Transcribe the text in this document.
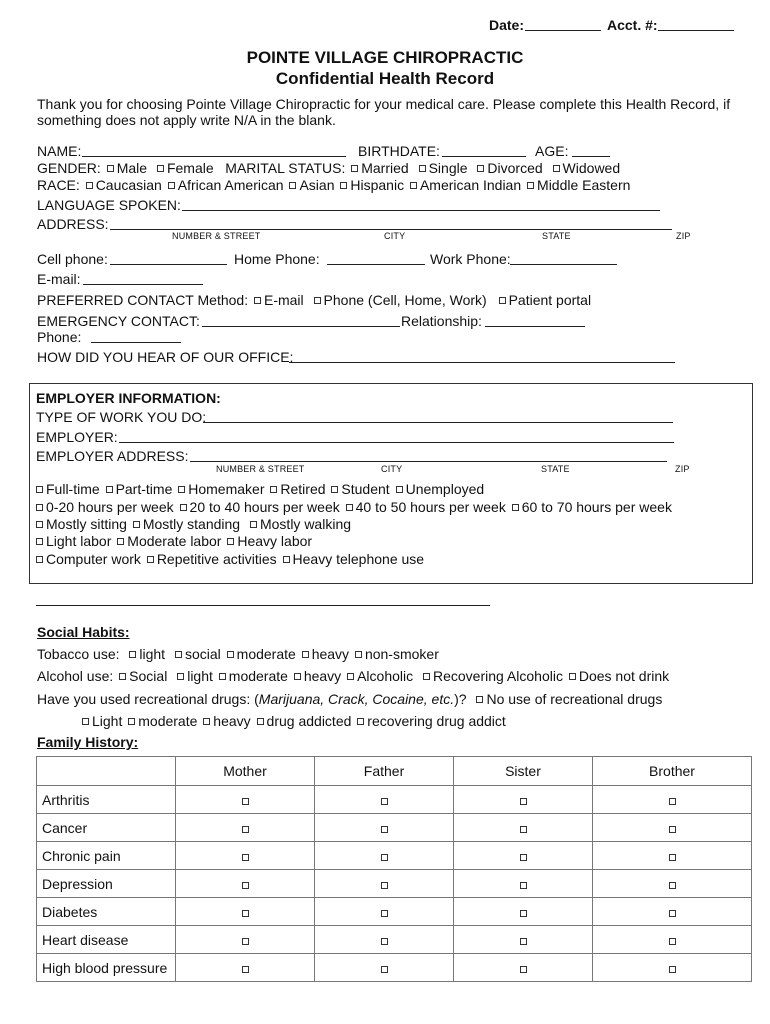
Date:	Acct. #:
POINTE VILLAGE CHIROPRACTIC
Confidential Health Record
Thank you for choosing Pointe Village Chiropractic for your medical care. Please complete this Health Record, if
something does not apply write N/A in the blank.
NAME:	BIRTHDATE:	AGE:
GENDER: Male Female MARITAL STATUS: Married Single Divorced Widowed
RACE: Caucasian African American Asian Hispanic American Indian Middle Eastern
LANGUAGE SPOKEN:
ADDRESS:
NUMBER & STREET	CITY	STATE	ZIP
Cell phone:	Home Phone:	Work Phone:
E-mail:
PREFERRED CONTACT Method: E-mail Phone (Cell, Home, Work) Patient portal
EMERGENCY CONTACT:	Relationship:
Phone:
HOW DID YOU HEAR OF OUR OFFICE:
EMPLOYER INFORMATION:
TYPE OF WORK YOU DO:
EMPLOYER:
EMPLOYER ADDRESS:
NUMBER & STREET	CITY	STATE	ZIP
Full-time Part-time Homemaker Retired Student Unemployed
0-20 hours per week 20 to 40 hours per week 40 to 50 hours per week 60 to 70 hours per week
Mostly sitting Mostly standing Mostly walking
Light labor Moderate labor Heavy labor
Computer work Repetitive activities Heavy telephone use
Social Habits:
Tobacco use: light social moderate heavy non-smoker
Alcohol use: Social light moderate heavy Alcoholic Recovering Alcoholic Does not drink
Have you used recreational drugs: (Marijuana, Crack, Cocaine, etc.)? No use of recreational drugs
Light moderate heavy drug addicted recovering drug addict
Family History:
	Mother	Father	Sister	Brother
Arthritis				
Cancer				
Chronic pain				
Depression				
Diabetes				
Heart disease				
High blood pressure				
